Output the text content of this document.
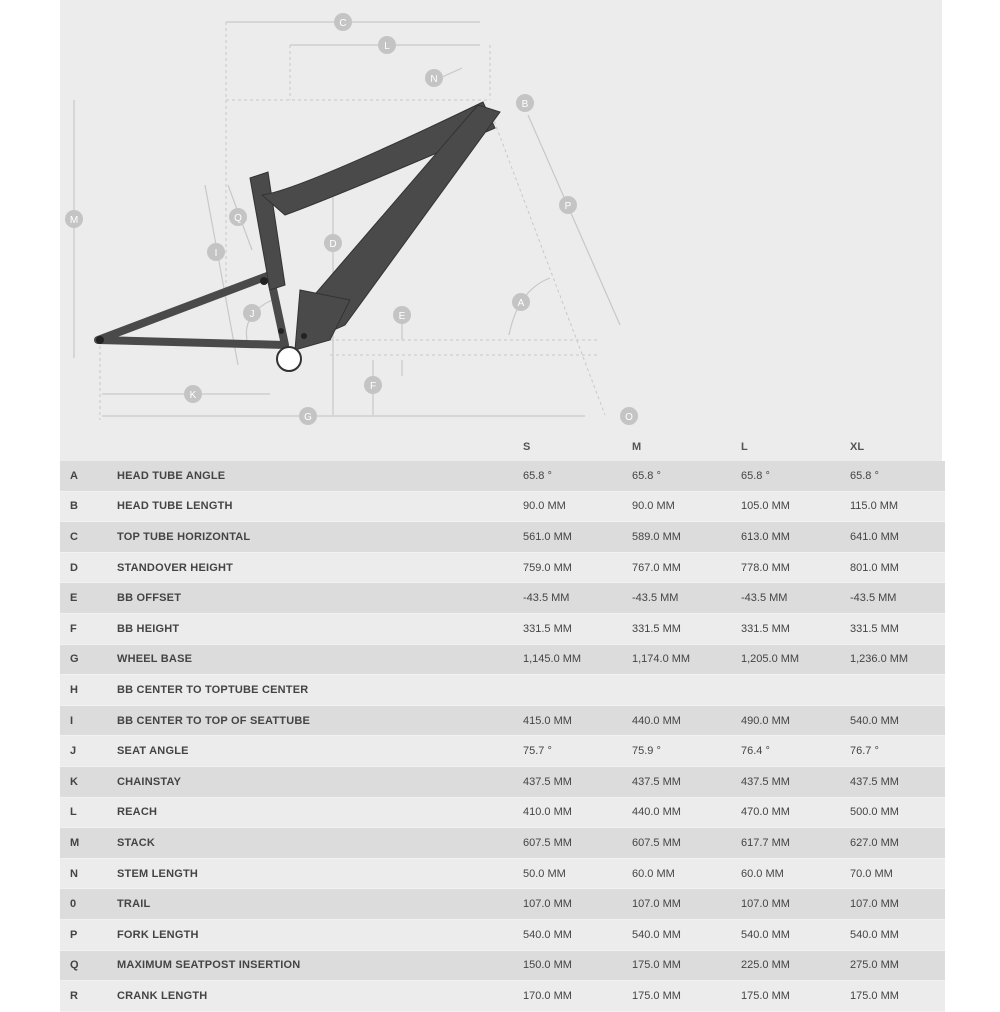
A
B
C
D
E
F
G
I
J
K
L
M
N
O
P
Q
		S	M	L	XL
A	HEAD TUBE ANGLE	65.8 °	65.8 °	65.8 °	65.8 °
B	HEAD TUBE LENGTH	90.0 MM	90.0 MM	105.0 MM	115.0 MM
C	TOP TUBE HORIZONTAL	561.0 MM	589.0 MM	613.0 MM	641.0 MM
D	STANDOVER HEIGHT	759.0 MM	767.0 MM	778.0 MM	801.0 MM
E	BB OFFSET	-43.5 MM	-43.5 MM	-43.5 MM	-43.5 MM
F	BB HEIGHT	331.5 MM	331.5 MM	331.5 MM	331.5 MM
G	WHEEL BASE	1,145.0 MM	1,174.0 MM	1,205.0 MM	1,236.0 MM
H	BB CENTER TO TOPTUBE CENTER				
I	BB CENTER TO TOP OF SEATTUBE	415.0 MM	440.0 MM	490.0 MM	540.0 MM
J	SEAT ANGLE	75.7 °	75.9 °	76.4 °	76.7 °
K	CHAINSTAY	437.5 MM	437.5 MM	437.5 MM	437.5 MM
L	REACH	410.0 MM	440.0 MM	470.0 MM	500.0 MM
M	STACK	607.5 MM	607.5 MM	617.7 MM	627.0 MM
N	STEM LENGTH	50.0 MM	60.0 MM	60.0 MM	70.0 MM
0	TRAIL	107.0 MM	107.0 MM	107.0 MM	107.0 MM
P	FORK LENGTH	540.0 MM	540.0 MM	540.0 MM	540.0 MM
Q	MAXIMUM SEATPOST INSERTION	150.0 MM	175.0 MM	225.0 MM	275.0 MM
R	CRANK LENGTH	170.0 MM	175.0 MM	175.0 MM	175.0 MM
